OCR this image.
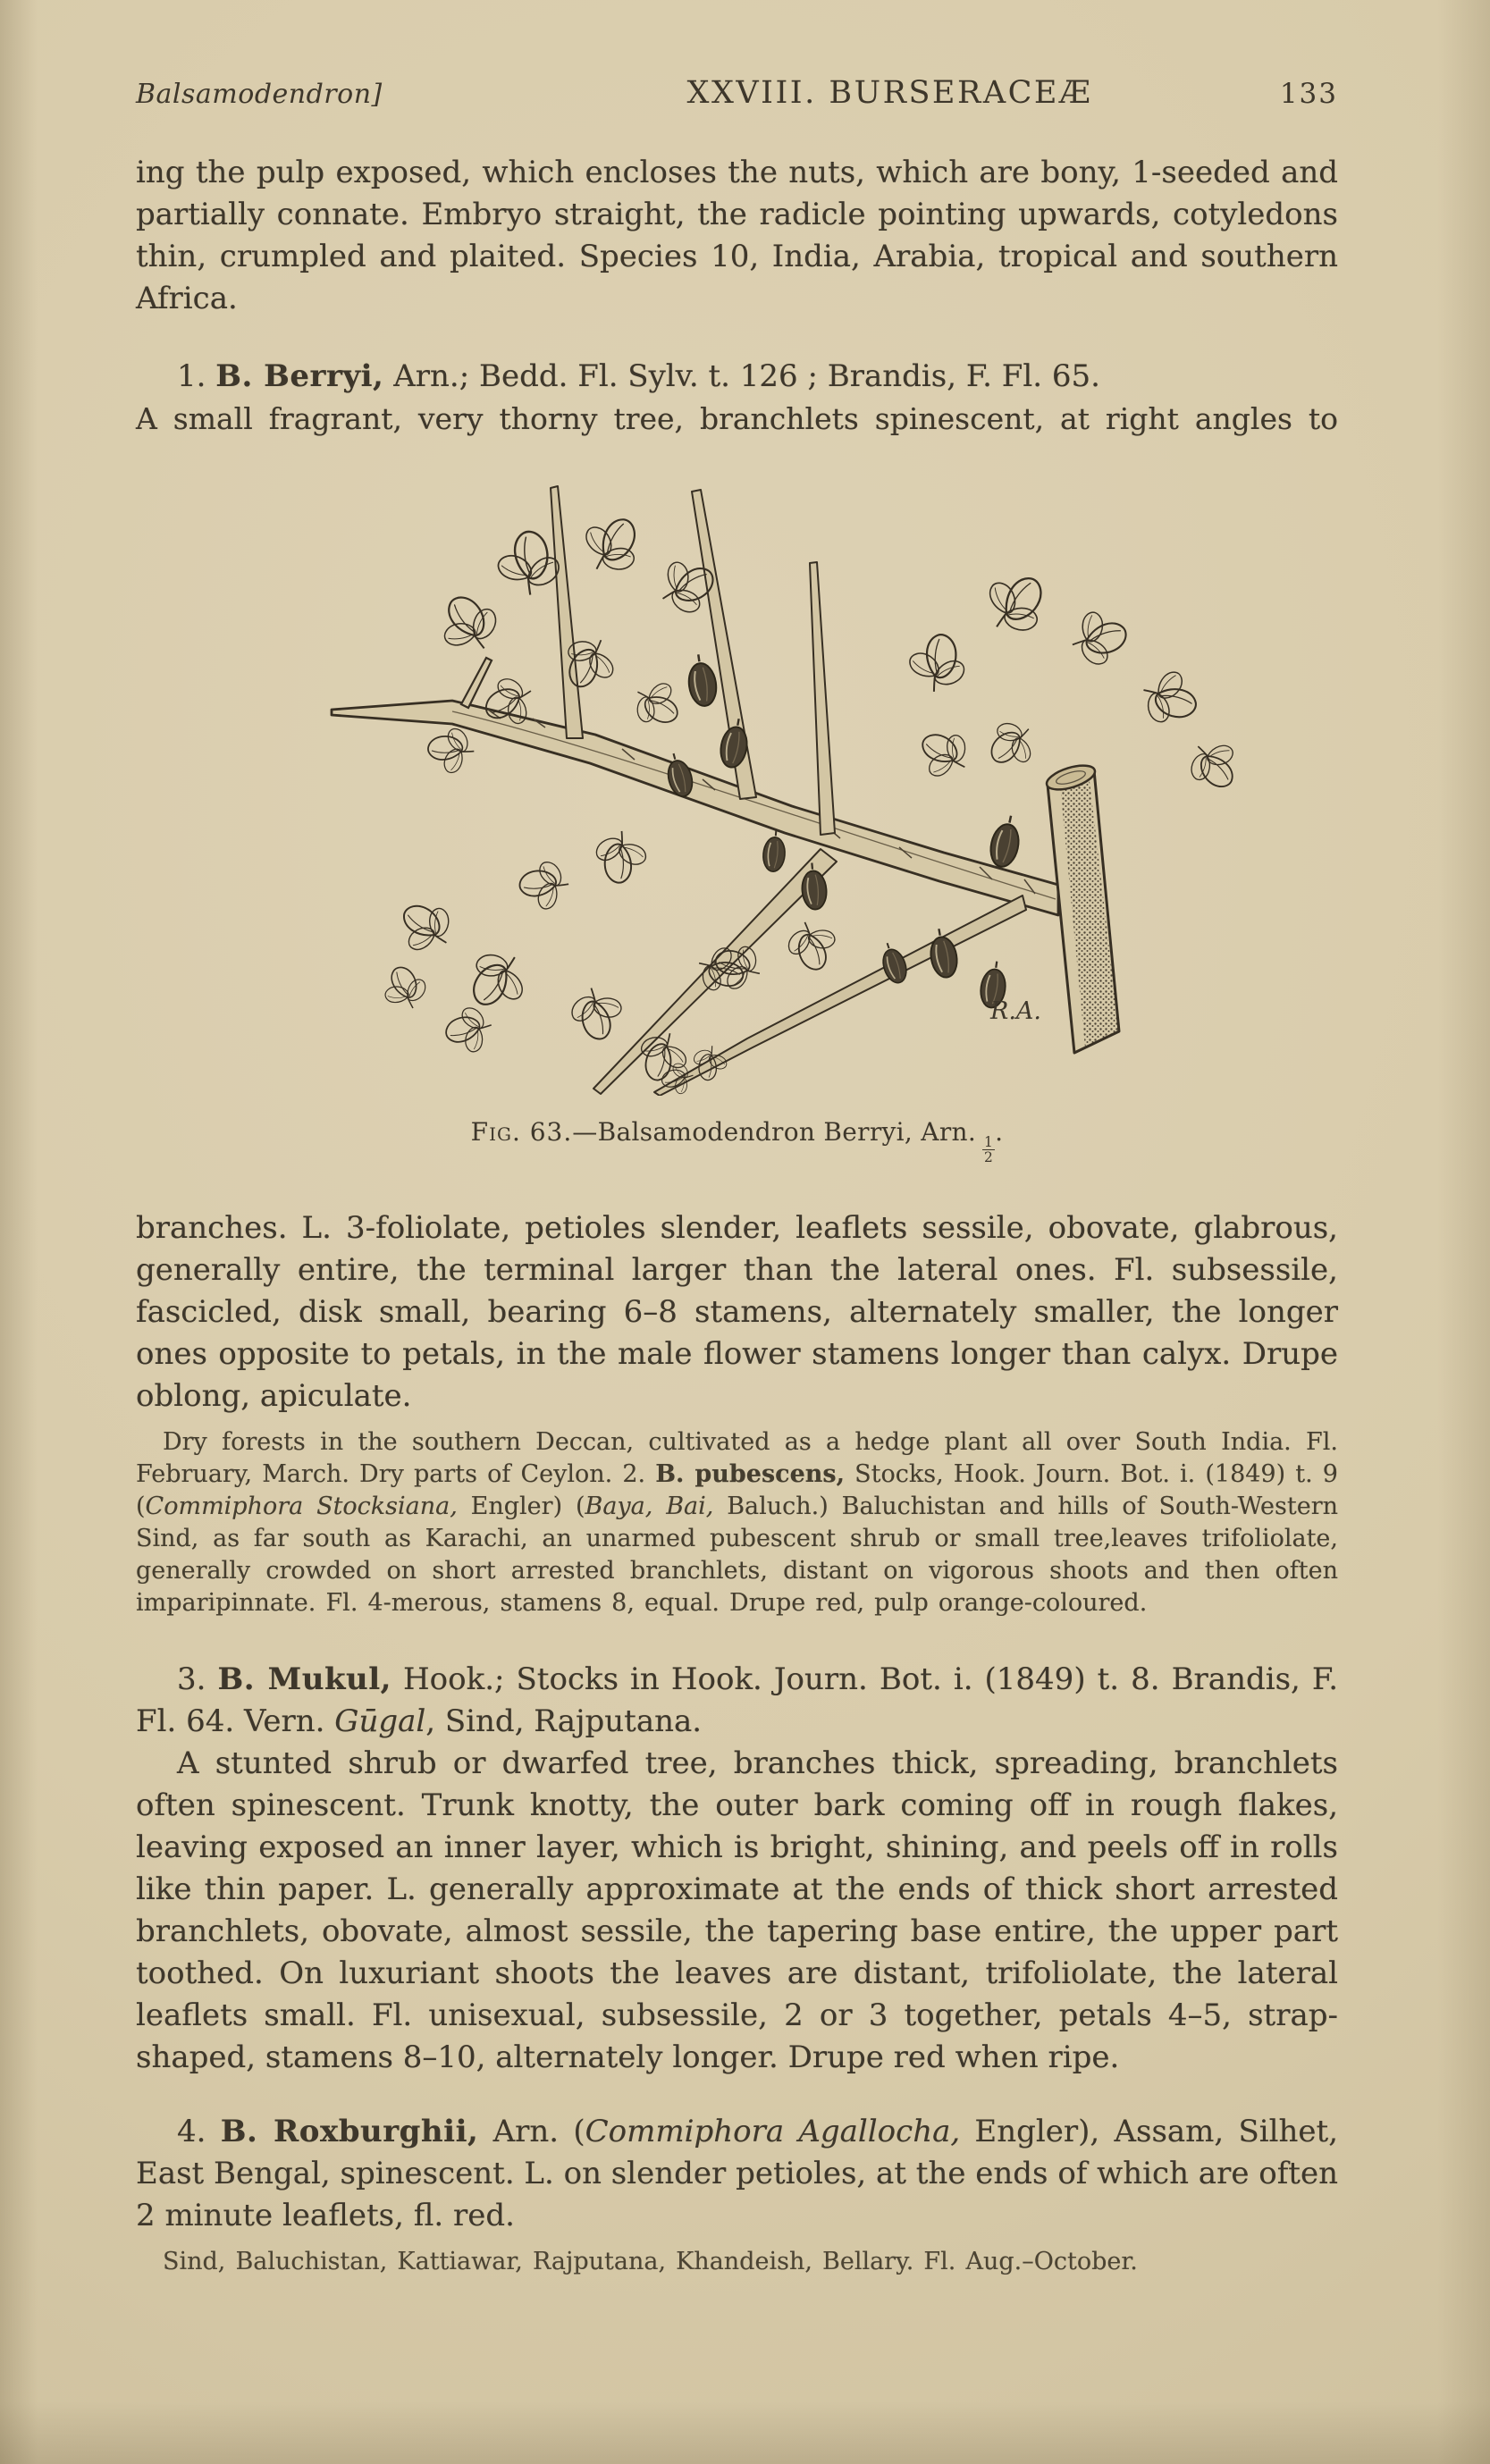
Balsamodendron]	XXVIII. BURSERACEÆ	133

ing the pulp exposed, which encloses the nuts, which are bony, 1-seeded and partially connate. Embryo straight, the radicle pointing upwards, cotyledons thin, crumpled and plaited. Species 10, India, Arabia, tropical and southern Africa.

1. B. Berryi, Arn.; Bedd. Fl. Sylv. t. 126 ; Brandis, F. Fl. 65.

A small fragrant, very thorny tree, branchlets spinescent, at right angles to

R.A.
Fig. 63.—Balsamodendron Berryi, Arn.
$\frac{1}{2}$
.

branches. L. 3-foliolate, petioles slender, leaflets sessile, obovate, glabrous, generally entire, the terminal larger than the lateral ones. Fl. subsessile, fascicled, disk small, bearing 6–8 stamens, alternately smaller, the longer ones opposite to petals, in the male flower stamens longer than calyx. Drupe oblong, apiculate.

Dry forests in the southern Deccan, cultivated as a hedge plant all over South India. Fl. February, March. Dry parts of Ceylon. 2. B. pubescens, Stocks, Hook. Journ. Bot. i. (1849) t. 9 (Commiphora Stocksiana, Engler) (Baya, Bai, Baluch.) Baluchistan and hills of South-Western Sind, as far south as Karachi, an unarmed pubescent shrub or small tree,leaves trifoliolate, generally crowded on short arrested branchlets, distant on vigorous shoots and then often imparipinnate. Fl. 4-merous, stamens 8, equal. Drupe red, pulp orange-coloured.

3. B. Mukul, Hook.; Stocks in Hook. Journ. Bot. i. (1849) t. 8. Brandis, F. Fl. 64. Vern. Gūgal, Sind, Rajputana.

A stunted shrub or dwarfed tree, branches thick, spreading, branchlets often spinescent. Trunk knotty, the outer bark coming off in rough flakes, leaving exposed an inner layer, which is bright, shining, and peels off in rolls like thin paper. L. generally approximate at the ends of thick short arrested branchlets, obovate, almost sessile, the tapering base entire, the upper part toothed. On luxuriant shoots the leaves are distant, trifoliolate, the lateral leaflets small. Fl. unisexual, subsessile, 2 or 3 together, petals 4–5, strap-shaped, stamens 8–10, alternately longer. Drupe red when ripe.

4. B. Roxburghii, Arn. (Commiphora Agallocha, Engler), Assam, Silhet, East Bengal, spinescent. L. on slender petioles, at the ends of which are often 2 minute leaflets, fl. red.

Sind, Baluchistan, Kattiawar, Rajputana, Khandeish, Bellary. Fl. Aug.–October.
